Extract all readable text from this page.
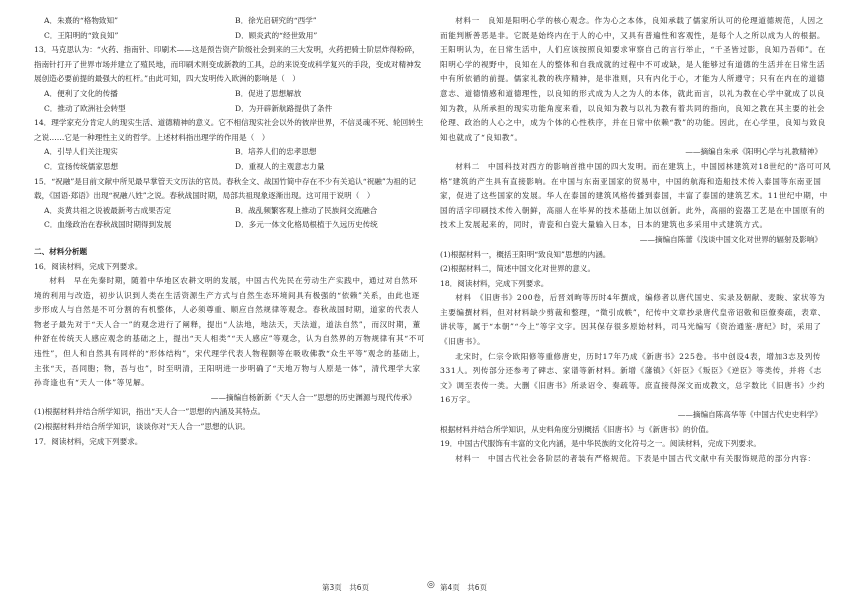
A．朱熹的“格物致知”	B．徐光启研究的“西学”
C．王阳明的“致良知”	D．顾炎武的“经世致用”

13．马克思认为：“火药、指南针、印刷术——这是预告资产阶级社会到来的三大发明，火药把骑士阶层炸得粉碎，指南针打开了世界市场并建立了殖民地，而印刷术则变成新教的工具，总的来说变成科学复兴的手段，变成对精神发展创造必要前提的最强大的杠杆。”由此可知，四大发明传入欧洲的影响是（　）

A．便利了文化的传播	B．促进了思想解放
C．推动了欧洲社会转型	D．为开辟新航路提供了条件

14．理学家充分肯定人的现实生活、道德精神的意义。它不相信现实社会以外的彼岸世界，不信灵魂不死、轮回转生之说……它是一种理性主义的哲学。上述材料指出理学的作用是（　）

A．引导人们关注现实	B．培养人们的忠孝思想
C．宣扬传统儒家思想	D．重视人的主观意志力量

15．“祝融”是目前文献中所见最早掌管天文历法的官员。春秋全文、战国竹简中存在不少有关追认“祝融”为祖的记载，《国语·郑语》出现“祝融八姓”之说。春秋战国时期，局部共祖现象逐渐出现。这可用于说明（　）

A．炎黄共祖之说被最新考古成果否定	B．战乱频繁客观上推动了民族间交流融合
C．血缘政治在春秋战国时期得到发展	D．多元一体文化格局根植于久远历史传统

二、材料分析题

16．阅读材料，完成下列要求。

材料　早在先秦时期，随着中华地区农耕文明的发展，中国古代先民在劳动生产实践中，通过对自然环境的利用与改造，初步认识到人类在生活资源生产方式与自然生态环境间具有极强的“依赖”关系，由此也逐步形成人与自然是不可分割的有机整体，人必须尊重、顺应自然规律等观念。春秋战国时期，道家的代表人物老子最先对于“天人合一”的观念进行了阐释，提出“人法地，地法天，天法道，道法自然”，而汉时期，董仲舒在传统天人感应观念的基础之上，提出“天人相类”“天人感应”等观念，认为自然界的万物规律有其“不可违性”，但人和自然具有同样的“形体结构”，宋代理学代表人物程颢等在吸收佛教“众生平等”观念的基础上，主张“天，吾同胞；物，吾与也”，时至明清，王阳明进一步明确了“天地万物与人原是一体”，清代理学大家孙奇逢也有“天人一体”等见解。

——摘编自杨新新《“天人合一”思想的历史渊源与现代传承》

(1)根据材料并结合所学知识，指出“天人合一”思想的内涵及其特点。

(2)根据材料并结合所学知识，谈谈你对“天人合一”思想的认识。

17．阅读材料，完成下列要求。

材料一　良知是阳明心学的核心观念。作为心之本体，良知承载了儒家所认可的伦理道德规范，人因之而能判断善恶是非。它既是始终内在于人的心中，又具有普遍性和客观性，是每个人之所以成为人的根据。王阳明认为，在日常生活中，人们应该按照良知要求审察自己的言行举止，“千圣皆过影，良知乃吾师”。在阳明心学的视野中，良知在人的整体和自我成就的过程中不可或缺，是人能够过有道德的生活并在日常生活中有所依循的前提。儒家礼教的秩序精神，是非准则，只有内化于心，才能为人所遵守；只有在内在的道德意志、道德情感和道德理性，以良知的形式成为人之为人的本体，就此而言，以礼为教在心学中就成了以良知为教，从所承担的现实功能角度来看，以良知为教与以礼为教有着共同的指向，良知之教在其主要的社会伦理、政治的人心之中，成为个体的心性秩序，并在日常中依赖“教”的功能。因此，在心学里，良知与致良知也就成了“良知教”。

——摘编自朱承《阳明心学与礼教精神》

材料二　中国科技对西方的影响首推中国的四大发明。而在建筑上，中国园林建筑对18世纪的“洛可可风格”建筑的产生具有直接影响。在中国与东南亚国家的贸易中，中国的航海和造船技术传入泰国等东南亚国家，促进了这些国家的发展。华人在泰国的建筑风格传播到泰国，丰富了泰国的建筑艺术。11世纪中期，中国的活字印刷技术传入朝鲜，高丽人在毕昇的技术基础上加以创新。此外，高丽的瓷器工艺是在中国原有的技术上发展起来的，同时，青瓷和白瓷大量输入日本，日本的建筑也多采用中式建筑方式。

——摘编自陈蕾《浅谈中国文化对世界的辐射及影响》

(1)根据材料一，概括王阳明“致良知”思想的内涵。

(2)根据材料二，简述中国文化对世界的意义。

18．阅读材料，完成下列要求。

材料　《旧唐书》200卷，后晋刘昫等历时4年撰成，编修者以唐代国史、实录及朝献、麦睃、家状等为主要编撰材料，但对材料缺少剪裁和整理，“徵引成帙”，纪传中文章抄录唐代皇帝诏敕和臣僚奏疏，表章、讲状等，属于“本朝”“今上”等字文字。因其保存很多原始材料，司马光编写《资治通鉴·唐纪》时，采用了《旧唐书》。

北宋时，仁宗令欧阳修等重修唐史，历时17年乃成《新唐书》225卷。书中创设4表，增加3志及列传331人。列传部分还参考了碑志、家谱等新材料。新增《藩镇》《奸臣》《叛臣》《逆臣》等类传，并将《志文》调至表传一类。大删《旧唐书》所录诏令、奏疏等。庶直接得深文而成教文，总字数比《旧唐书》少约16万字。

——摘编自陈高华等《中国古代史史料学》

根据材料并结合所学知识，从史料角度分别概括《旧唐书》与《新唐书》的价值。

19．中国古代服饰有丰富的文化内涵，是中华民族的文化符号之一。阅读材料，完成下列要求。

材料一　中国古代社会各阶层的者装有严格规范。下表是中国古代文献中有关服饰规范的部分内容：

第3页　共6页	◎ 第4页　共6页
